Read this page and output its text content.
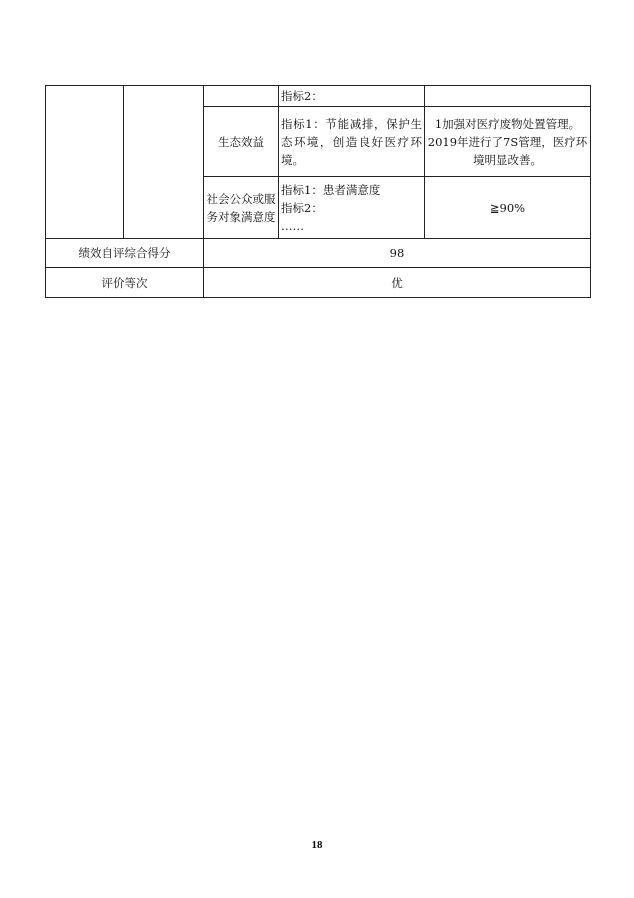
			指标2：	
		生态效益	指标1：节能减排，保护生态环境，创造良好医疗环境。	1加强对医疗废物处置管理。
2019年进行了7S管理，医疗环境明显改善。

		社会公众或服务对象满意度	指标1：患者满意度
指标2：
……	≧90%
绩效自评综合得分		98		
评价等次		优		
18
